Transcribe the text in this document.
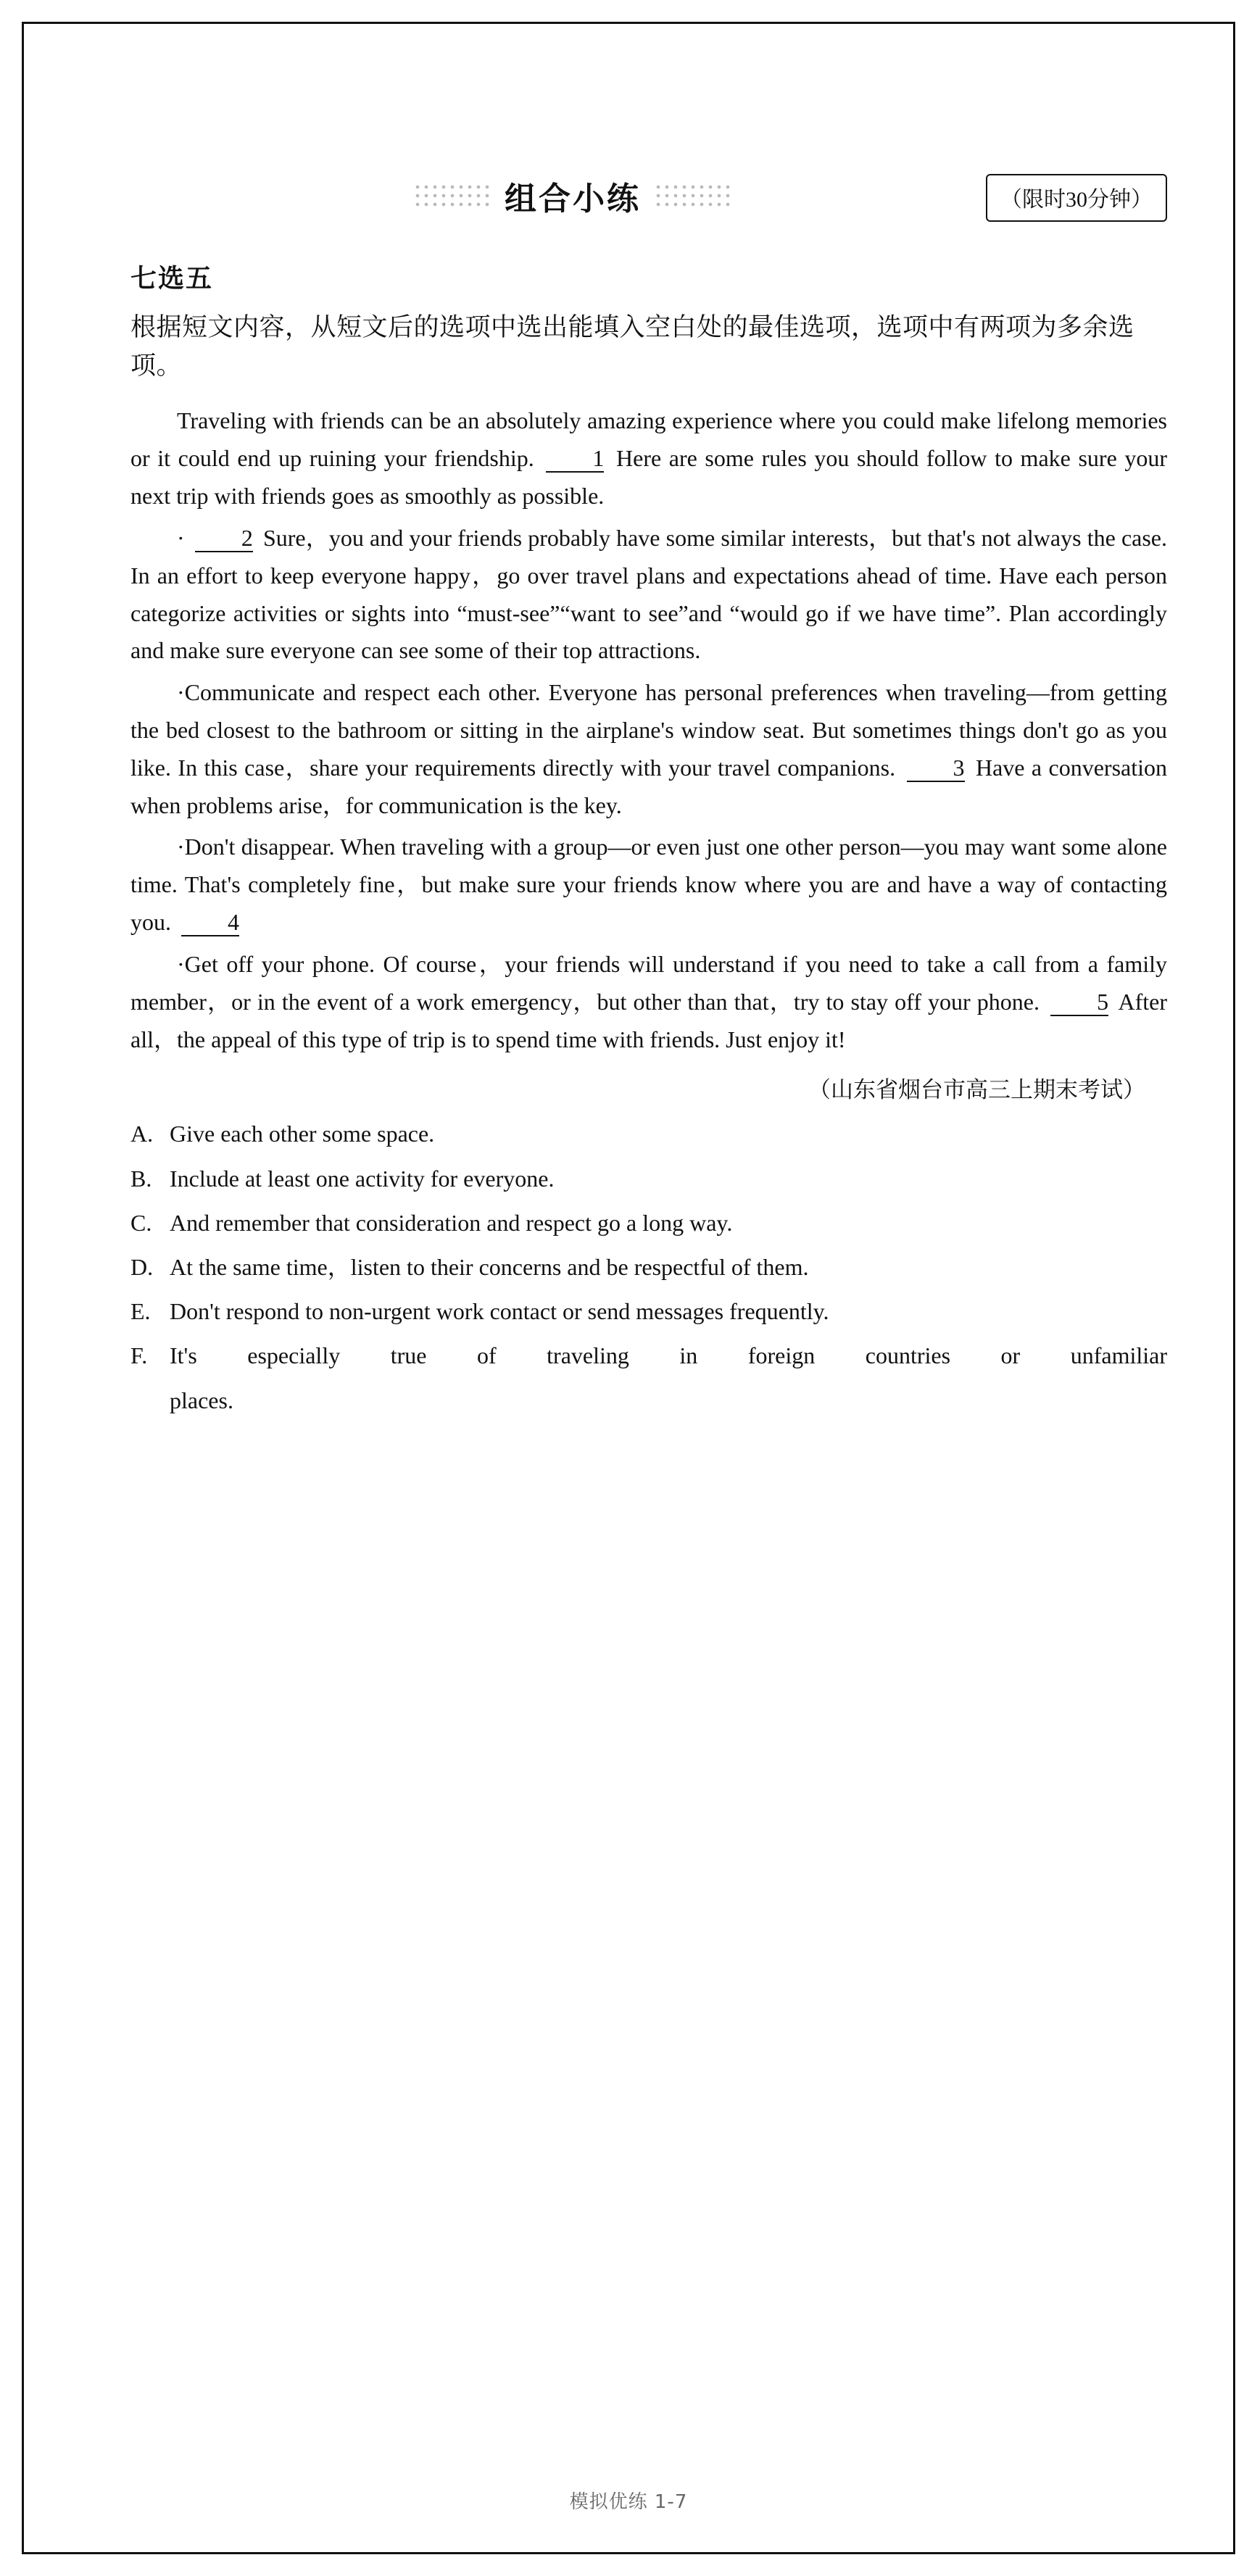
组合小练	（限时30分钟）
七选五
根据短文内容，从短文后的选项中选出能填入空白处的最佳选项，选项中有两项为多余选项。

Traveling with friends can be an absolutely amazing experience where you could make lifelong memories or it could end up ruining your friendship.	1 Here are some rules you should follow to make sure your next trip with friends goes as smoothly as possible.

· 2 Sure，you and your friends probably have some similar interests，but that's not always the case. In an effort to keep everyone happy，go over travel plans and expectations ahead of time. Have each person categorize activities or sights into “must-see”“want to see”and “would go if we have time”. Plan accordingly and make sure everyone can see some of their top attractions.

·Communicate and respect each other. Everyone has personal preferences when traveling—from getting the bed closest to the bathroom or sitting in the airplane's window seat. But sometimes things don't go as you like. In this case，share your requirements directly with your travel companions. 3 Have a conversation when problems arise，for communication is the key.

·Don't disappear. When traveling with a group—or even just one other person—you may want some alone time. That's completely fine，but make sure your friends know where you are and have a way of contacting you. 4

·Get off your phone. Of course，your friends will understand if you need to take a call from a family member，or in the event of a work emergency，but other than that，try to stay off your phone. 5 After all，the appeal of this type of trip is to spend time with friends. Just enjoy it!

（山东省烟台市高三上期末考试）
A. Give each other some space.
B. Include at least one activity for everyone.
C. And remember that consideration and respect go a long way.
D. At the same time，listen to their concerns and be respectful of them.
E. Don't respond to non-urgent work contact or send messages frequently.
F. It's especially true of traveling in foreign countries or unfamiliar
places.
模拟优练 1-7
